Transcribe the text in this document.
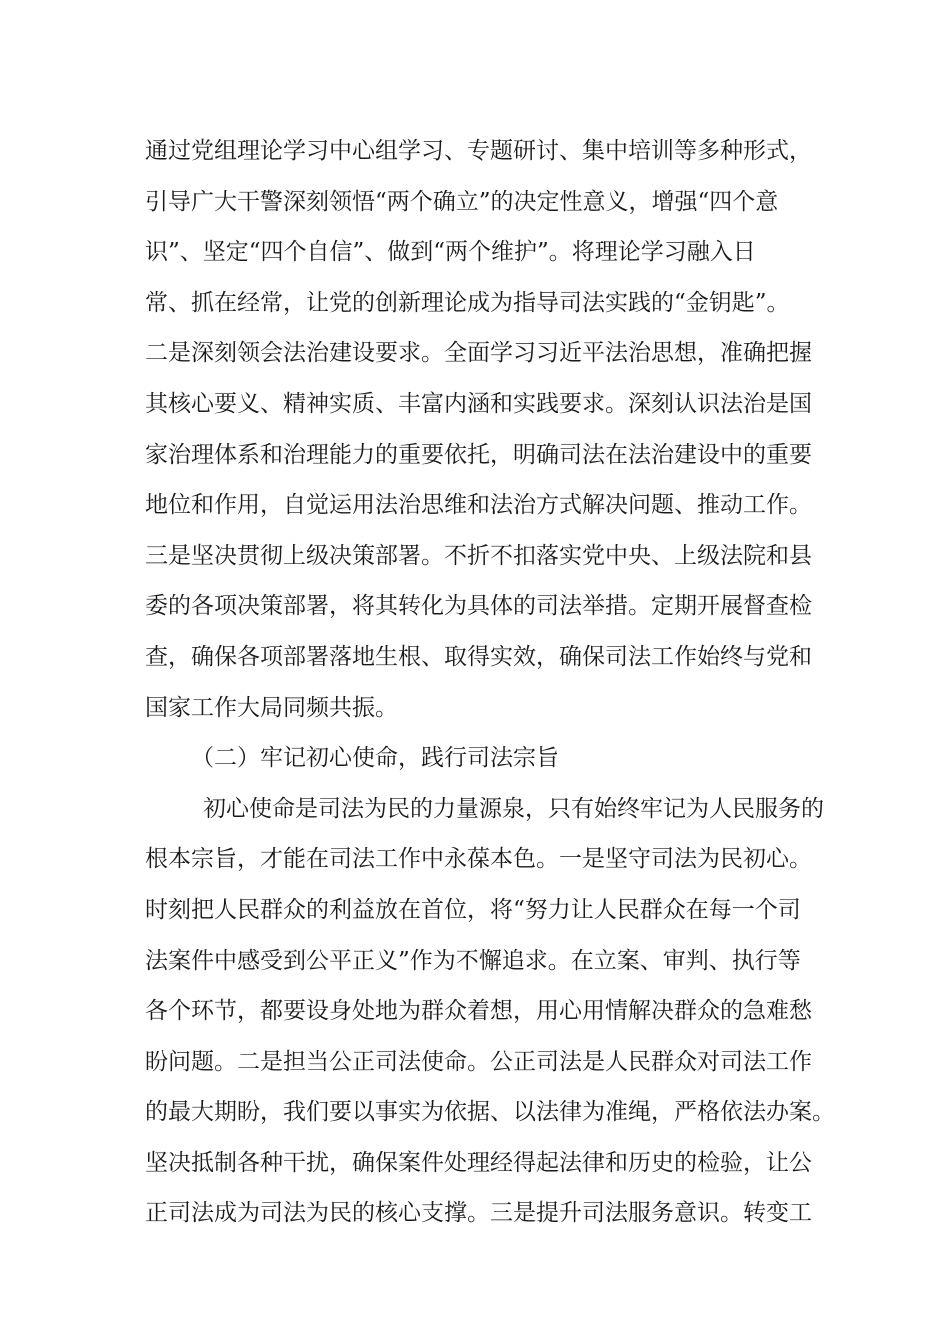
通过党组理论学习中心组学习、专题研讨、集中培训等多种形式，
引导广大干警深刻领悟“两个确立”的决定性意义，增强“四个意
识”、坚定“四个自信”、做到“两个维护”。将理论学习融入日
常、抓在经常，让党的创新理论成为指导司法实践的“金钥匙”。
二是深刻领会法治建设要求。全面学习习近平法治思想，准确把握
其核心要义、精神实质、丰富内涵和实践要求。深刻认识法治是国
家治理体系和治理能力的重要依托，明确司法在法治建设中的重要
地位和作用，自觉运用法治思维和法治方式解决问题、推动工作。
三是坚决贯彻上级决策部署。不折不扣落实党中央、上级法院和县
委的各项决策部署，将其转化为具体的司法举措。定期开展督查检
查，确保各项部署落地生根、取得实效，确保司法工作始终与党和
国家工作大局同频共振。
（二）牢记初心使命，践行司法宗旨
初心使命是司法为民的力量源泉，只有始终牢记为人民服务的
根本宗旨，才能在司法工作中永葆本色。一是坚守司法为民初心。
时刻把人民群众的利益放在首位，将“努力让人民群众在每一个司
法案件中感受到公平正义”作为不懈追求。在立案、审判、执行等
各个环节，都要设身处地为群众着想，用心用情解决群众的急难愁
盼问题。二是担当公正司法使命。公正司法是人民群众对司法工作
的最大期盼，我们要以事实为依据、以法律为准绳，严格依法办案。
坚决抵制各种干扰，确保案件处理经得起法律和历史的检验，让公
正司法成为司法为民的核心支撑。三是提升司法服务意识。转变工
